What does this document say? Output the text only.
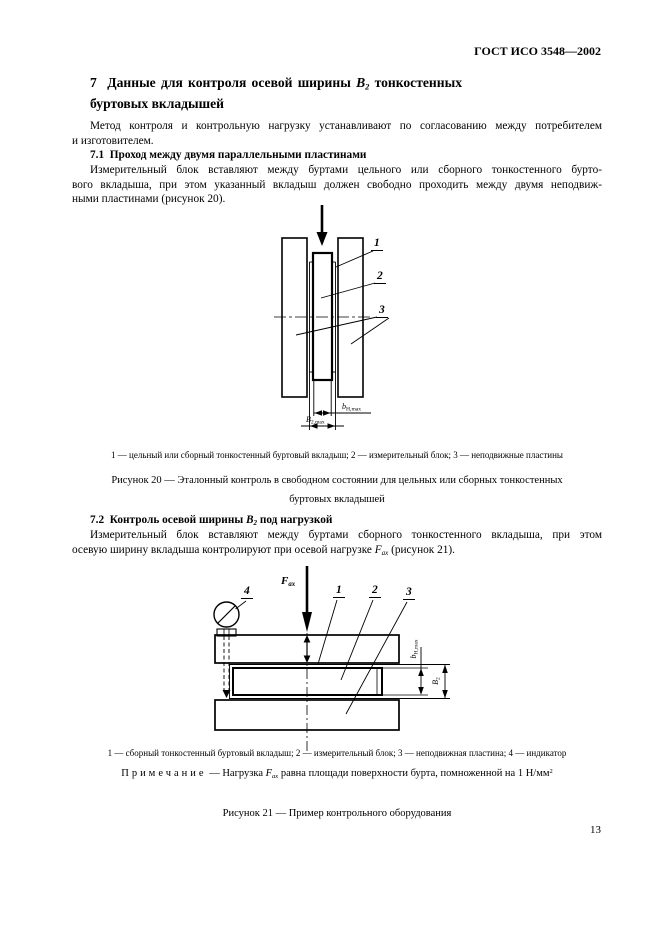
ГОСТ ИСО 3548—2002
7  Данные для контроля осевой ширины $B_2$ тонкостенных
буртовых вкладышей
Метод контроля и контрольную нагрузку устанавливают по согласованию между потребителем
и изготовителем.
7.1  Проход между двумя параллельными пластинами
Измерительный блок вставляют между буртами цельного или сборного тонкостенного бурто-
вого вкладыша, при этом указанный вкладыш должен свободно проходить между двумя неподвиж-
ными пластинами (рисунок 20).
1
2
3
$b_{H,max}$
$B_{2,max}$
1 — цельный или сборный тонкостенный буртовый вкладыш; 2 — измерительный блок; 3 — неподвижные пластины
Рисунок 20 — Эталонный контроль в свободном состоянии для цельных или сборных тонкостенных
буртовых вкладышей
7.2  Контроль осевой ширины $B_2$ под нагрузкой
Измерительный блок вставляют между буртами сборного тонкостенного вкладыша, при этом
осевую ширину вкладыша контролируют при осевой нагрузке $F_{ax}$ (рисунок 21).
$F_{ax}$
4	1	2 3
$b_{H,max}$
$B_2$
1 — сборный тонкостенный буртовый вкладыш; 2 — измерительный блок; 3 — неподвижная пластина; 4 — индикатор
Примечание — Нагрузка $F_{ax}$ равна площади поверхности бурта, помноженной на 1 $Н/мм^2$
Рисунок 21 — Пример контрольного оборудования
13
